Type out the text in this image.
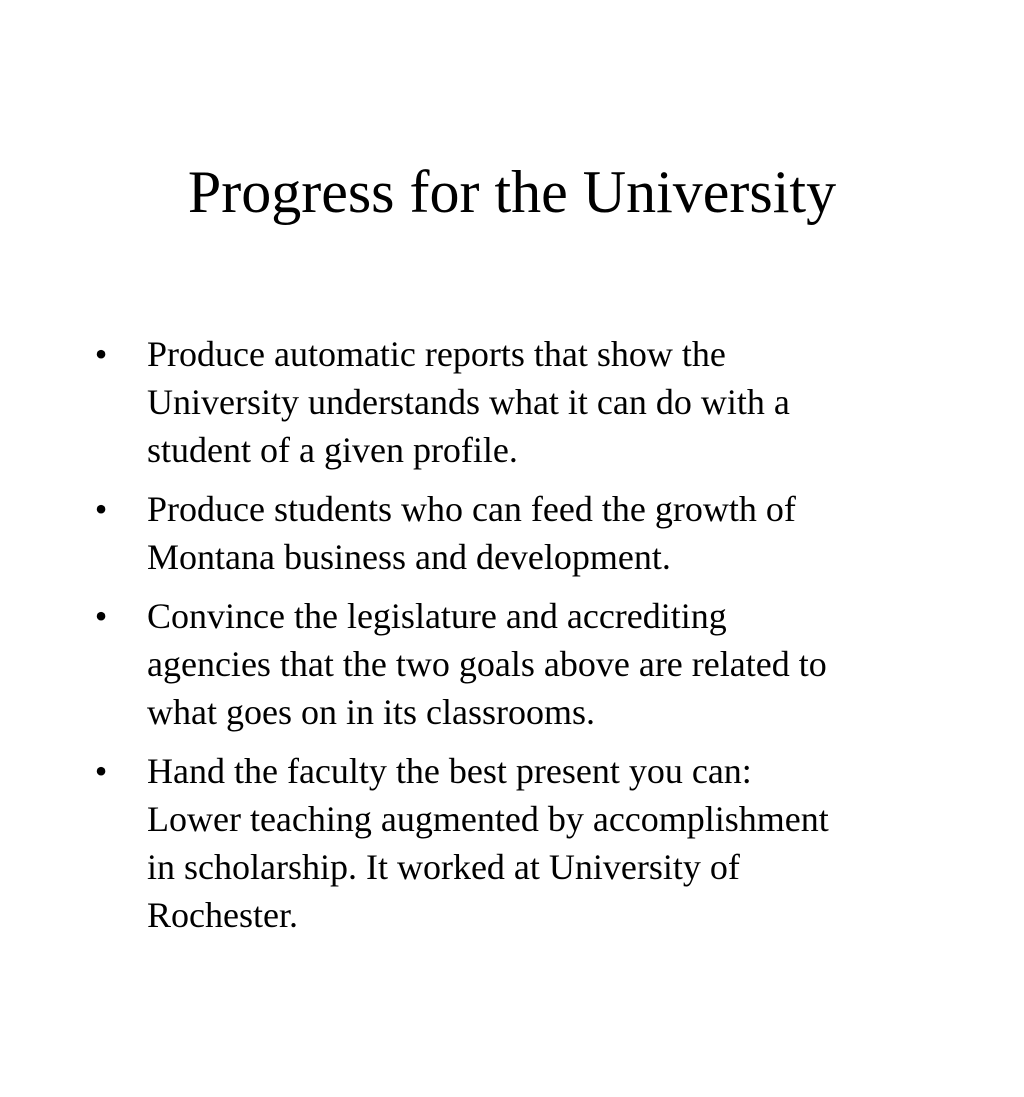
Progress for the University
• Produce automatic reports that show the
University understands what it can do with a
student of a given profile.
• Produce students who can feed the growth of
Montana business and development.
• Convince the legislature and accrediting
agencies that the two goals above are related to
what goes on in its classrooms.
• Hand the faculty the best present you can:
Lower teaching augmented by accomplishment
in scholarship. It worked at University of
Rochester.
